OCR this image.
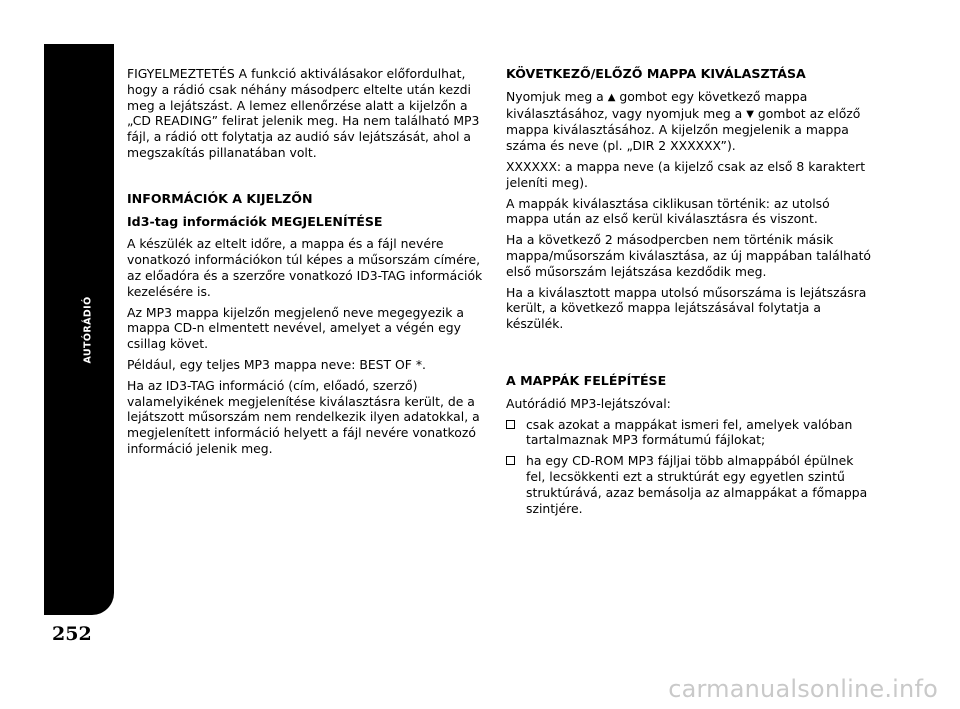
AUTÓRÁDIÓ
252

FIGYELMEZTETÉS A funkció aktiválásakor előfordulhat, hogy a rádió csak néhány másodperc eltelte után kezdi meg a lejátszást. A lemez ellenőrzése alatt a kijelzőn a „CD READING” felirat jelenik meg. Ha nem található MP3 fájl, a rádió ott folytatja az audió sáv lejátszását, ahol a megszakítás pillanatában volt.

INFORMÁCIÓK A KIJELZŐN

Id3-tag információk MEGJELENÍTÉSE

A készülék az eltelt időre, a mappa és a fájl nevére vonatkozó információkon túl képes a műsorszám címére, az előadóra és a szerzőre vonatkozó ID3-TAG információk kezelésére is.

Az MP3 mappa kijelzőn megjelenő neve megegyezik a mappa CD-n elmentett nevével, amelyet a végén egy csillag követ.

Például, egy teljes MP3 mappa neve: BEST OF *.

Ha az ID3-TAG információ (cím, előadó, szerző) valamelyikének megjelenítése kiválasztásra került, de a lejátszott műsorszám nem rendelkezik ilyen adatokkal, a megjelenített információ helyett a fájl nevére vonatkozó információ jelenik meg.

KÖVETKEZŐ/ELŐZŐ MAPPA KIVÁLASZTÁSA

Nyomjuk meg a ▲ gombot egy következő mappa kiválasztásához, vagy nyomjuk meg a ▼ gombot az előző mappa kiválasztásához. A kijelzőn megjelenik a mappa száma és neve (pl. „DIR 2 XXXXXX”).

XXXXXX: a mappa neve (a kijelző csak az első 8 karaktert jeleníti meg).

A mappák kiválasztása ciklikusan történik: az utolsó mappa után az első kerül kiválasztásra és viszont.

Ha a következő 2 másodpercben nem történik másik mappa/műsorszám kiválasztása, az új mappában található első műsorszám lejátszása kezdődik meg.

Ha a kiválasztott mappa utolsó műsorszáma is lejátszásra került, a következő mappa lejátszásával folytatja a készülék.

A MAPPÁK FELÉPÍTÉSE

Autórádió MP3-lejátszóval:

csak azokat a mappákat ismeri fel, amelyek valóban tartalmaznak MP3 formátumú fájlokat;
ha egy CD-ROM MP3 fájljai több almappából épülnek fel, lecsökkenti ezt a struktúrát egy egyetlen szintű struktúrává, azaz bemásolja az almappákat a főmappa szintjére.
carmanualsonline.info
